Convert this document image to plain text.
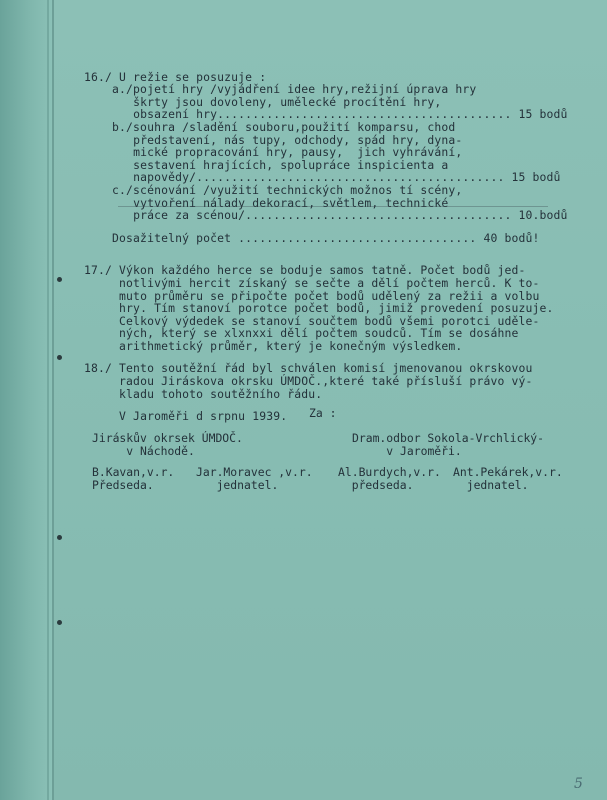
16./ U režie se posuzuje :
a./pojetí hry /vyjádření idee hry,režijní úprava hry
škrty jsou dovoleny, umělecké procítění hry,
obsazení hry.......................................... 15 bodů
b./souhra /sladění souboru,použití komparsu, chod
představení, nás tupy, odchody, spád hry, dyna-
mické propracování hry, pausy,  jich vyhrávání,
sestavení hrajících, spolupráce inspicienta a
napovědy/............................................ 15 bodů
c./scénování /využití technických možnos tí scény,
vytvoření nálady dekorací, světlem, technické
práce za scénou/...................................... 10.bodů

Dosažitelný počet .................................. 40 bodů!
17./ Výkon každého herce se boduje samos tatně. Počet bodů jed-
notlivými hercit získaný se sečte a dělí počtem herců. K to-
muto průměru se připočte počet bodů udělený za režii a volbu
hry. Tím stanoví porotce počet bodů, jimiž provedení posuzuje.
Celkový výdedek se stanoví součtem bodů všemi porotci uděle-
ných, který se xlxnxxi dělí počtem soudců. Tím se dosáhne
arithmetický průměr, který je konečným výsledkem.

18./ Tento soutěžní řád byl schválen komisí jmenovanou okrskovou
radou Jiráskova okrsku ÚMDOČ.,které také přísluší právo vý-
kladu tohoto soutěžního řádu.

V Jaroměři d srpnu 1939.	Za :
Jiráskův okrsek ÚMDOČ.
v Náchodě.
Dram.odbor Sokola-Vrchlický-
v Jaroměři.
B.Kavan,v.r.
Předseda.
Jar.Moravec ,v.r.
jednatel.
Al.Burdych,v.r.
předseda.
Ant.Pekárek,v.r.
jednatel.
5
